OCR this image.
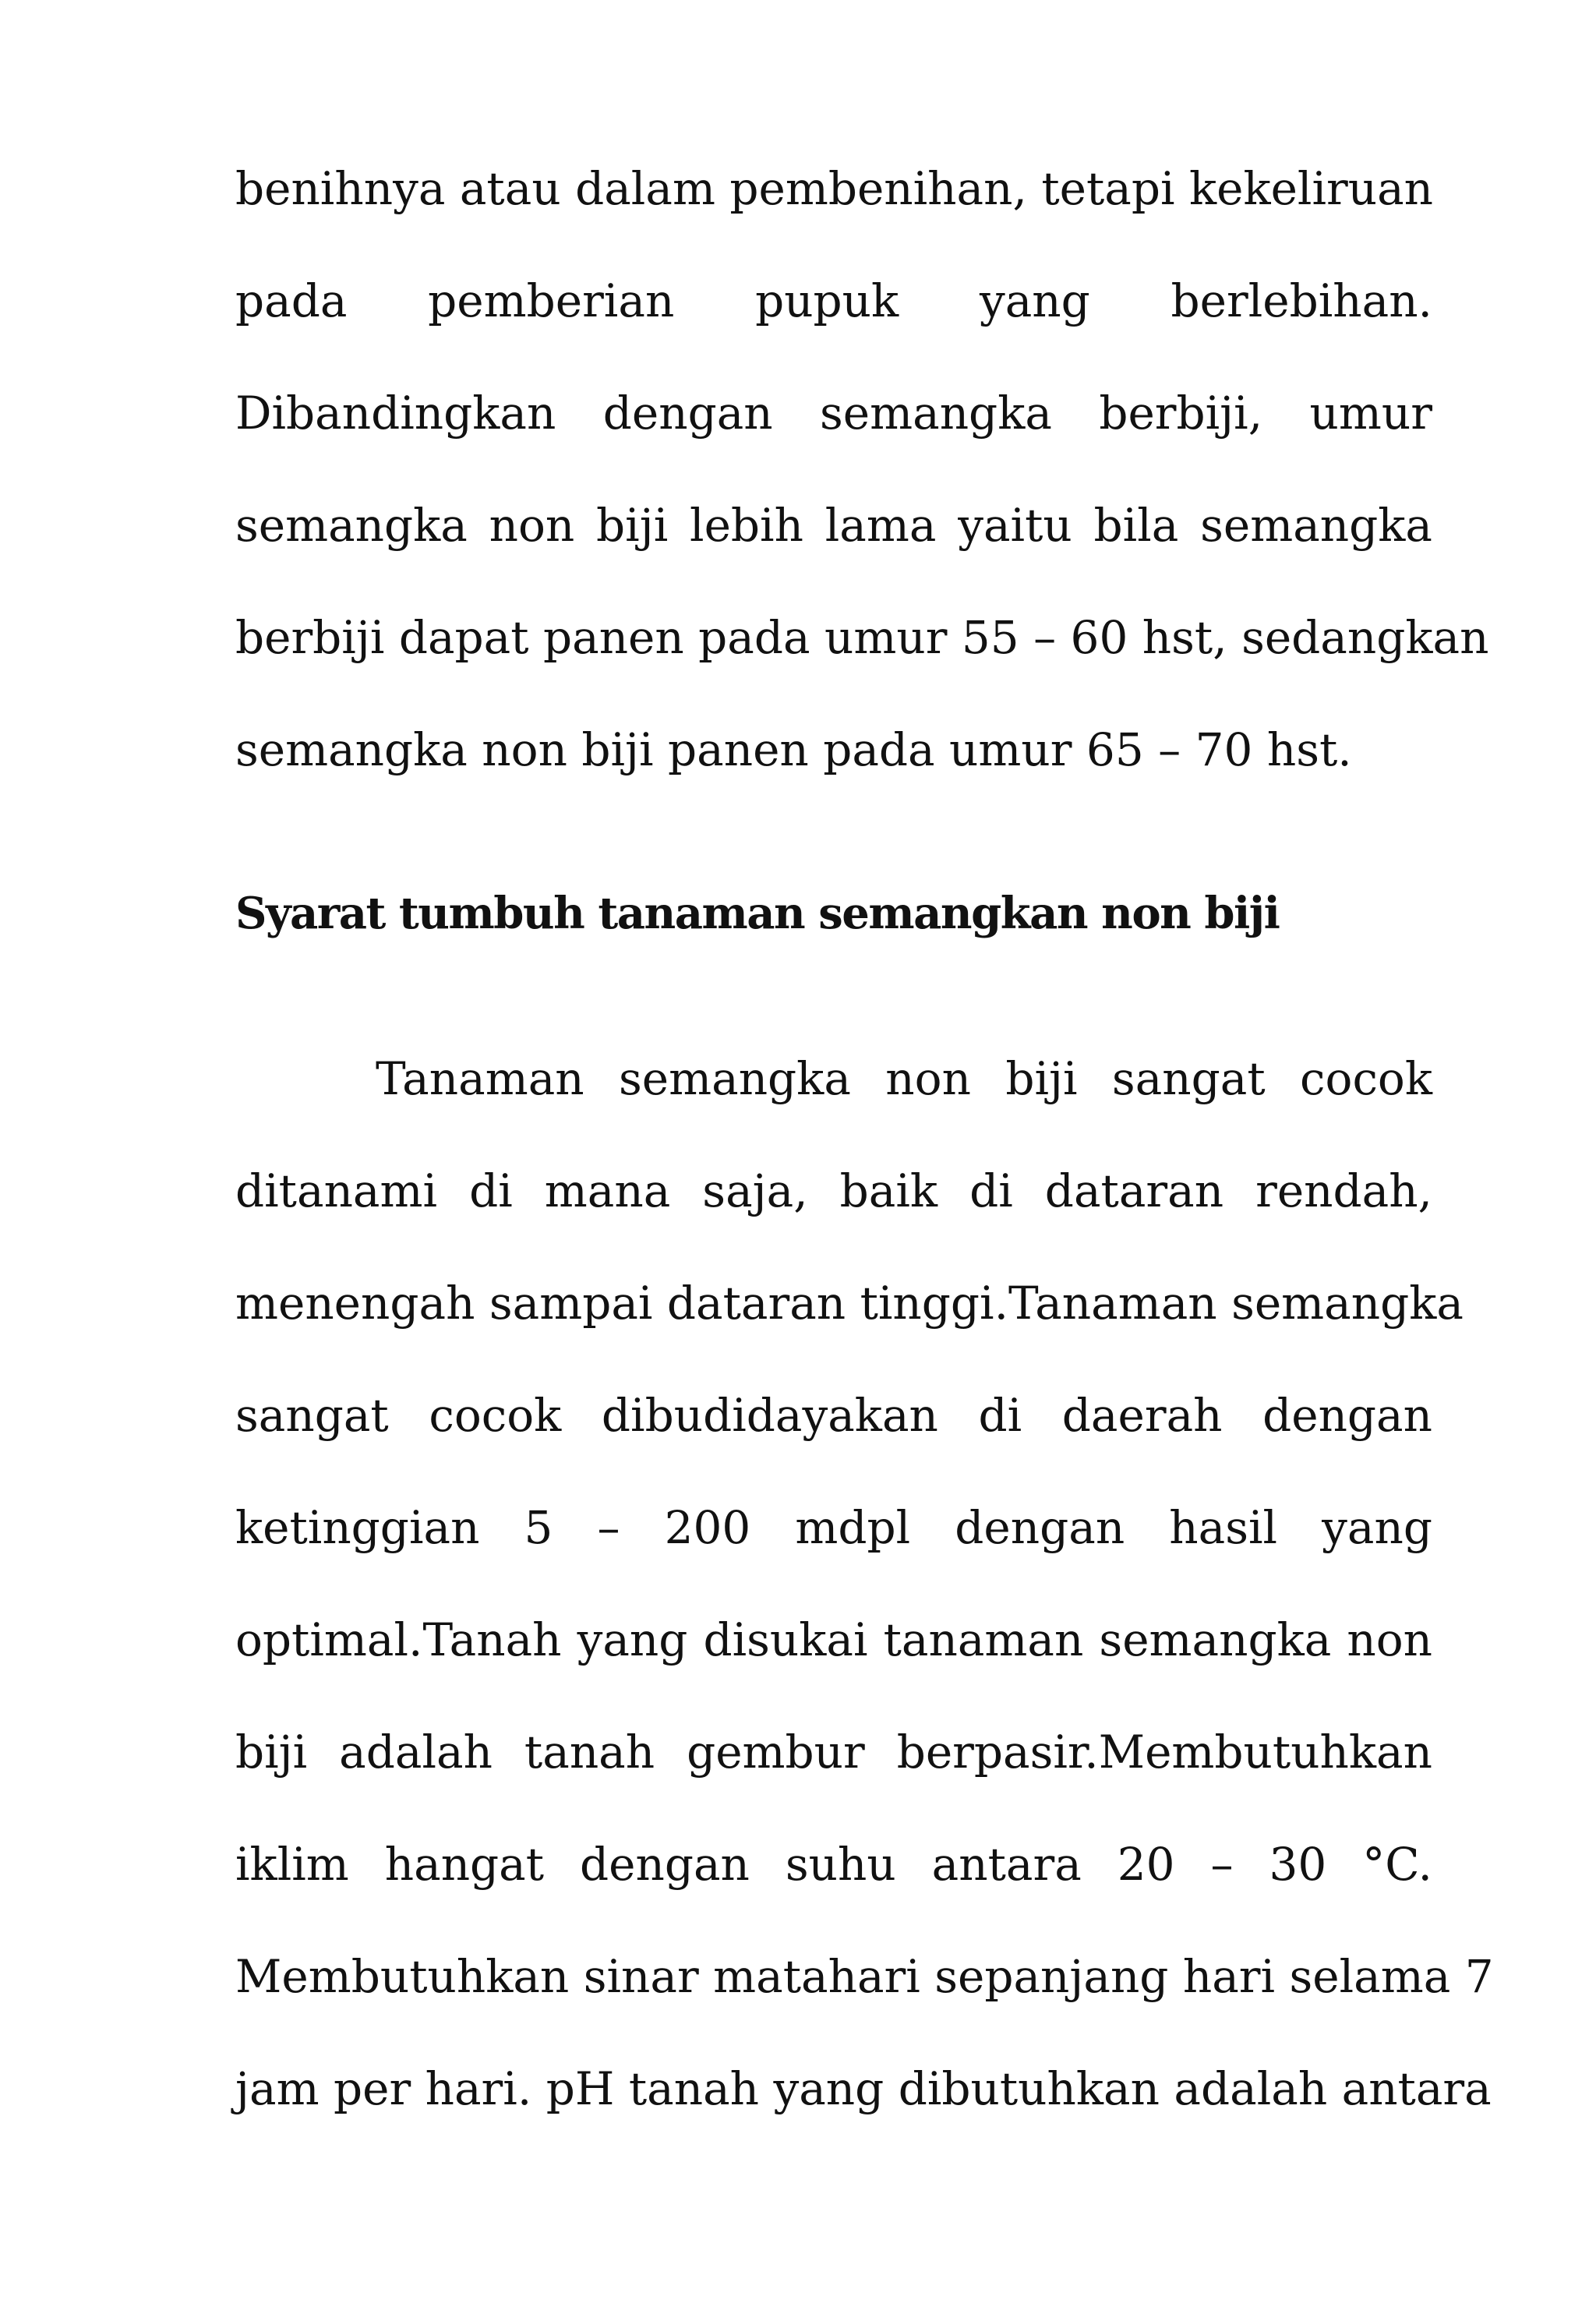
benihnya atau dalam pembenihan, tetapi kekeliruan
pada pemberian pupuk yang berlebihan.
Dibandingkan dengan semangka berbiji, umur
semangka non biji lebih lama yaitu bila semangka
berbiji dapat panen pada umur 55 – 60 hst, sedangkan
semangka non biji panen pada umur 65 – 70 hst.
Syarat tumbuh tanaman semangkan non biji
Tanaman semangka non biji sangat cocok
ditanami di mana saja, baik di dataran rendah,
menengah sampai dataran tinggi.Tanaman semangka
sangat cocok dibudidayakan di daerah dengan
ketinggian 5 – 200 mdpl dengan hasil yang
optimal.Tanah yang disukai tanaman semangka non
biji adalah tanah gembur berpasir.Membutuhkan
iklim hangat dengan suhu antara 20 – 30 °C.
Membutuhkan sinar matahari sepanjang hari selama 7
jam per hari. pH tanah yang dibutuhkan adalah antara
